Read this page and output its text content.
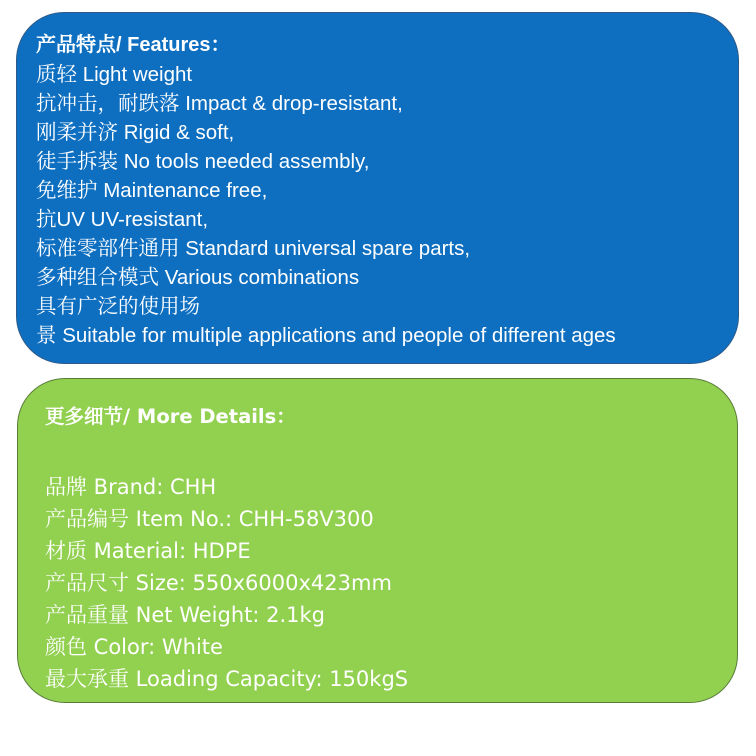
产品特点/ Features：

质轻 Light weight

抗冲击，耐跌落 Impact & drop-resistant,

刚柔并济 Rigid & soft,

徒手拆装 No tools needed assembly,

免维护 Maintenance free,

抗UV UV-resistant,

标准零部件通用 Standard universal spare parts,

多种组合模式 Various combinations

具有广泛的使用场

景 Suitable for multiple applications and people of different ages

更多细节/ More Details：

品牌 Brand: CHH

产品编号 Item No.: CHH-58V300

材质 Material: HDPE

产品尺寸 Size: 550x6000x423mm

产品重量 Net Weight: 2.1kg

颜色 Color: White

最大承重 Loading Capacity: 150kgS
